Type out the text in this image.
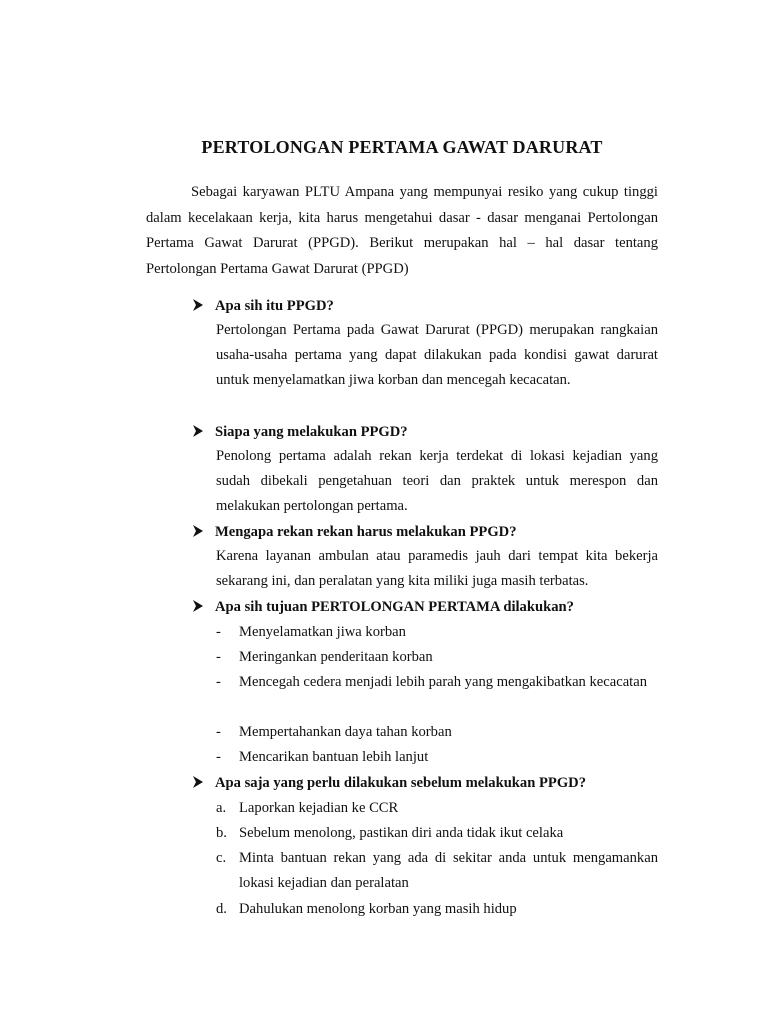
PERTOLONGAN PERTAMA GAWAT DARURAT

Sebagai karyawan PLTU Ampana yang mempunyai resiko yang cukup tinggi dalam kecelakaan kerja, kita harus mengetahui dasar - dasar menganai Pertolongan Pertama Gawat Darurat (PPGD). Berikut merupakan hal – hal dasar tentang Pertolongan Pertama Gawat Darurat (PPGD)

Apa sih itu PPGD?

Pertolongan Pertama pada Gawat Darurat (PPGD) merupakan rangkaian usaha-usaha pertama yang dapat dilakukan pada kondisi gawat darurat untuk menyelamatkan jiwa korban dan mencegah kecacatan.

Siapa yang melakukan PPGD?

Penolong pertama adalah rekan kerja terdekat di lokasi kejadian yang sudah dibekali pengetahuan teori dan praktek untuk merespon dan melakukan pertolongan pertama.

Mengapa rekan rekan harus melakukan PPGD?

Karena layanan ambulan atau paramedis jauh dari tempat kita bekerja sekarang ini, dan peralatan yang kita miliki juga masih terbatas.

Apa sih tujuan PERTOLONGAN PERTAMA dilakukan?
-	Menyelamatkan jiwa korban
-	Meringankan penderitaan korban
-	Mencegah cedera menjadi lebih parah yang mengakibatkan kecacatan
-	Mempertahankan daya tahan korban
-	Mencarikan bantuan lebih lanjut
Apa saja yang perlu dilakukan sebelum melakukan PPGD?
a. Laporkan kejadian ke CCR
b. Sebelum menolong, pastikan diri anda tidak ikut celaka
c. Minta bantuan rekan yang ada di sekitar anda untuk mengamankan lokasi kejadian dan peralatan
d. Dahulukan menolong korban yang masih hidup
